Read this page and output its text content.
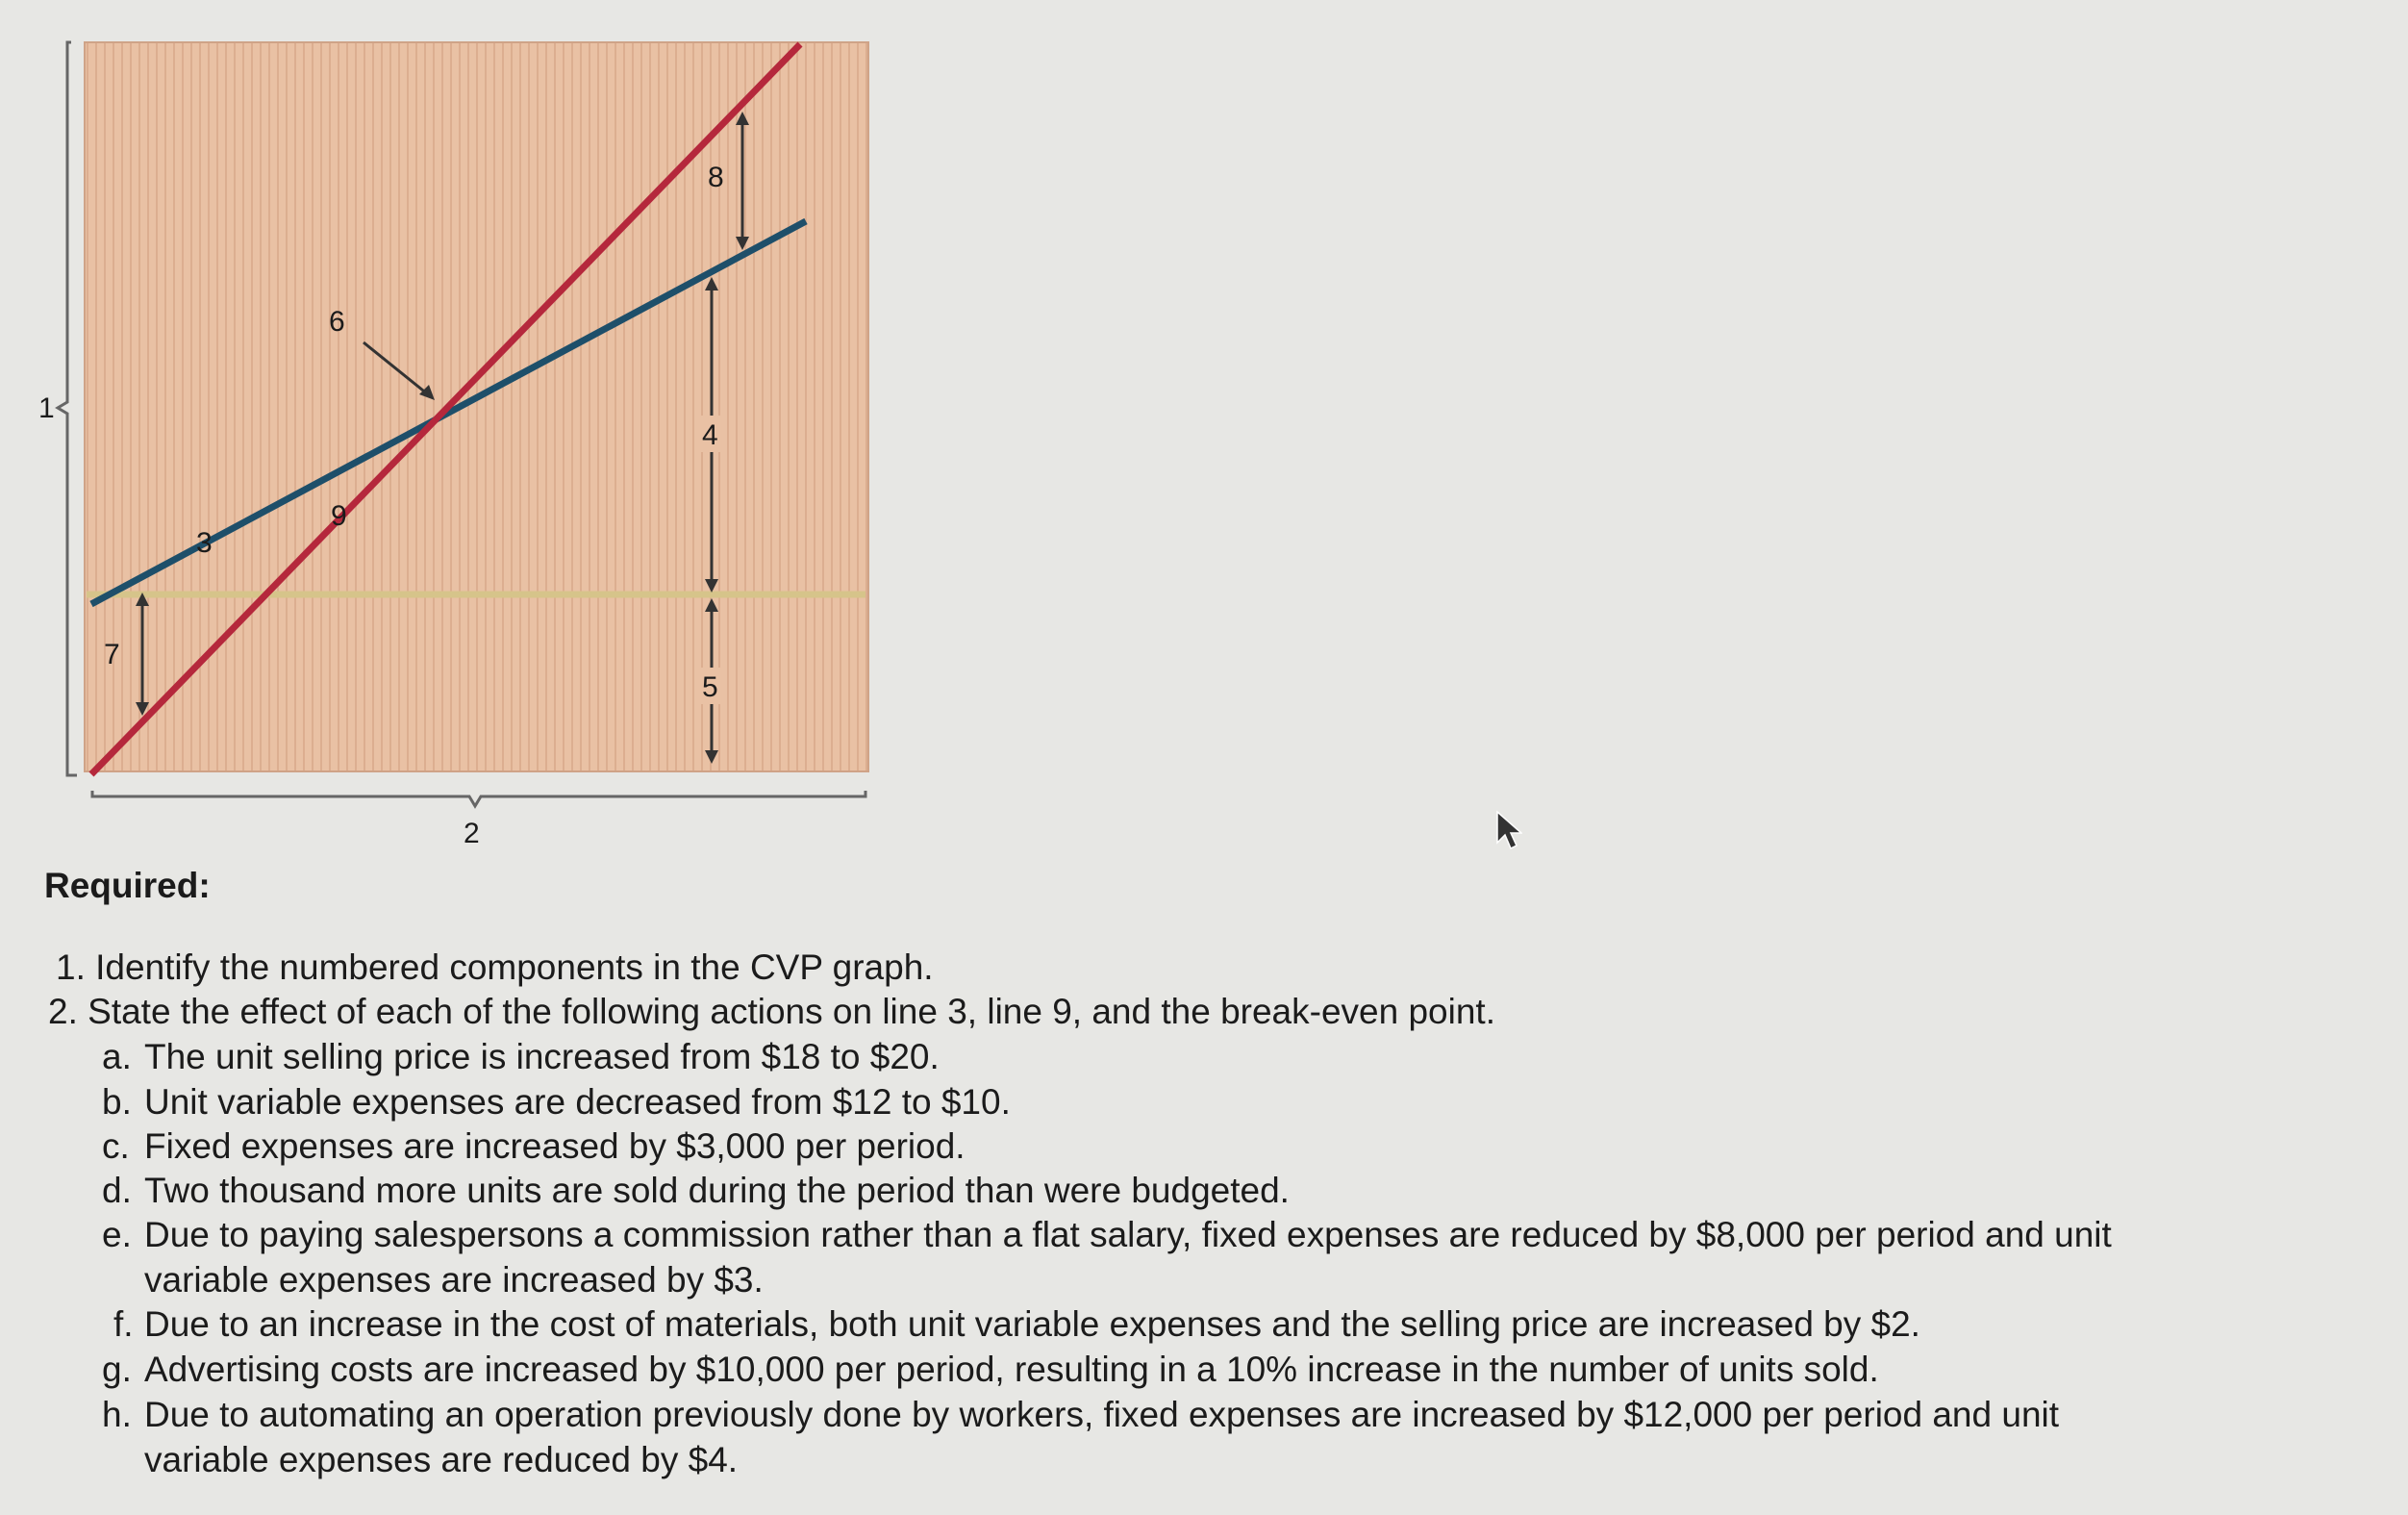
1
2
6
3
9
7
8
4
5
Required:
1. Identify the numbered components in the CVP graph.
2. State the effect of each of the following actions on line 3, line 9, and the break-even point.
a. The unit selling price is increased from $18 to $20.
b. Unit variable expenses are decreased from $12 to $10.
c. Fixed expenses are increased by $3,000 per period.
d. Two thousand more units are sold during the period than were budgeted.
e. Due to paying salespersons a commission rather than a flat salary, fixed expenses are reduced by $8,000 per period and unit
variable expenses are increased by $3.
f. Due to an increase in the cost of materials, both unit variable expenses and the selling price are increased by $2.
g. Advertising costs are increased by $10,000 per period, resulting in a 10% increase in the number of units sold.
h. Due to automating an operation previously done by workers, fixed expenses are increased by $12,000 per period and unit
variable expenses are reduced by $4.
